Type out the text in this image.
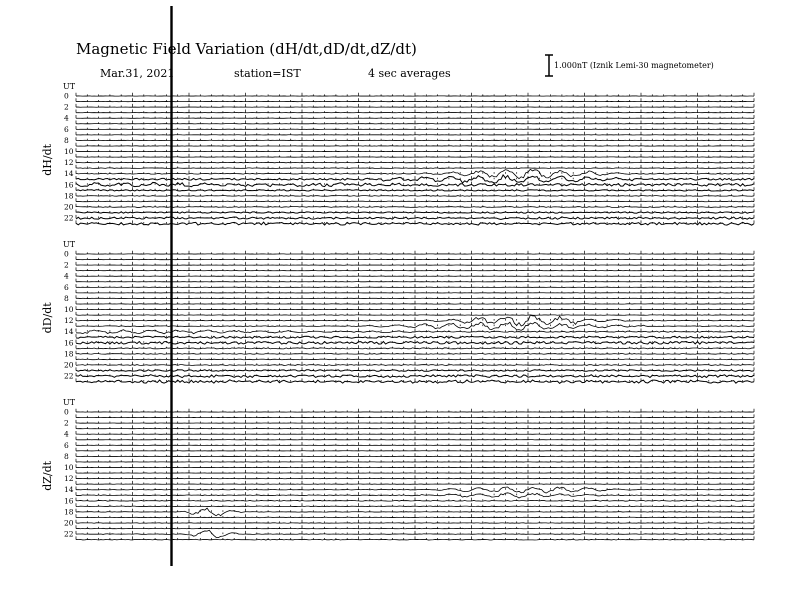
Magnetic Field Variation (dH/dt,dD/dt,dZ/dt)
Mar.31, 2021	station=IST	4 sec averages
1.000nT (Iznik Lemi-30 magnetometer)
UT
dH/dt
0
2
4
6
8
10
12
14
16
18
20
22
UT
dD/dt
0
2
4
6
8
10
12
14
16
18
20
22
UT
dZ/dt
0
2
4
6
8
10
12
14
16
18
20
22
